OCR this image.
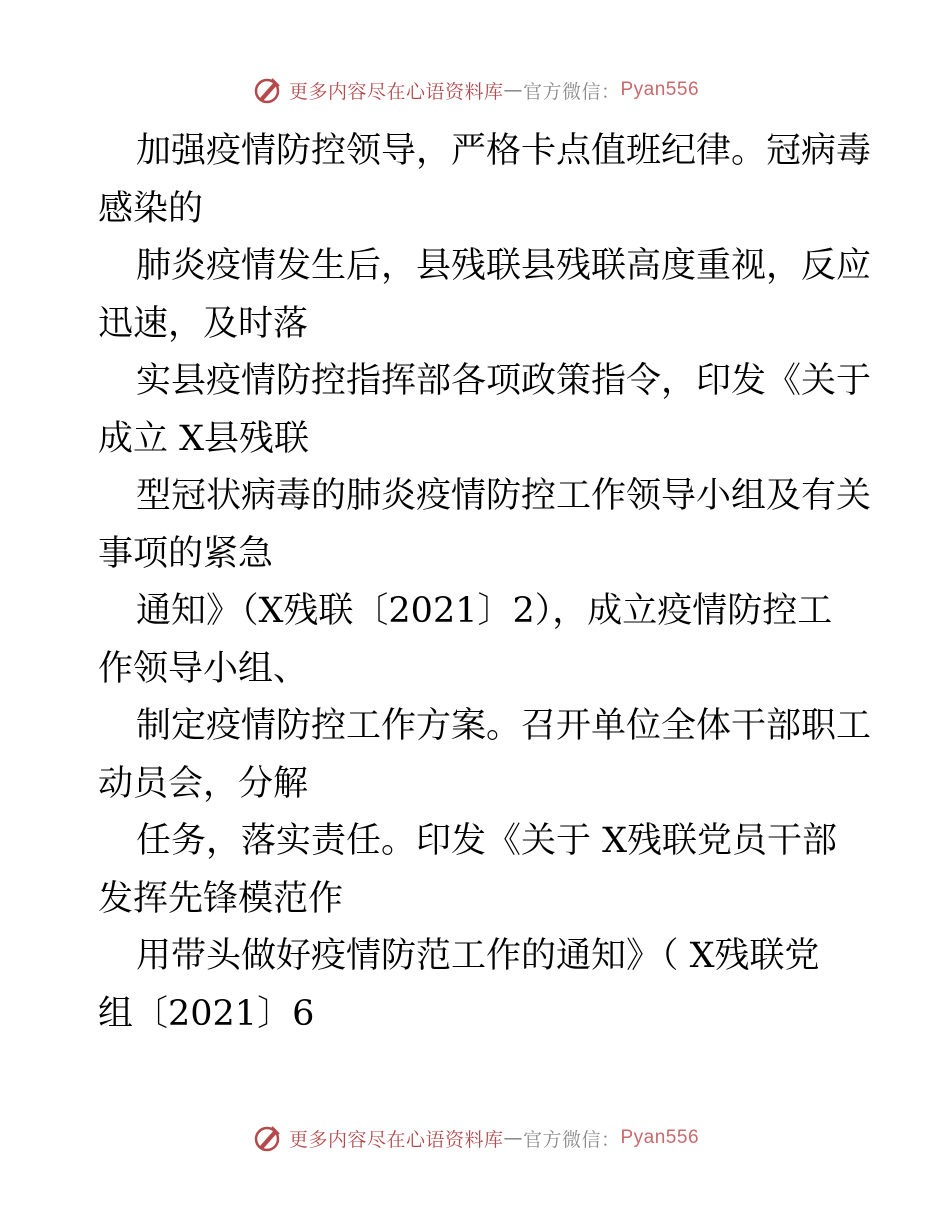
更多内容尽在心语资料库 — 官方微信： Pyan556

加强疫情防控领导，严格卡点值班纪律。冠病毒
感染的

肺炎疫情发生后，县残联县残联高度重视，反应
迅速，及时落

实县疫情防控指挥部各项政策指令，印发《关于
成立 X县残联

型冠状病毒的肺炎疫情防控工作领导小组及有关
事项的紧急

通知》（X残联〔2021〕2），成立疫情防控工
作领导小组、

制定疫情防控工作方案。召开单位全体干部职工
动员会，分解

任务，落实责任。印发《关于 X残联党员干部
发挥先锋模范作

用带头做好疫情防范工作的通知》（ X残联党
组〔2021〕6

更多内容尽在心语资料库 — 官方微信： Pyan556
